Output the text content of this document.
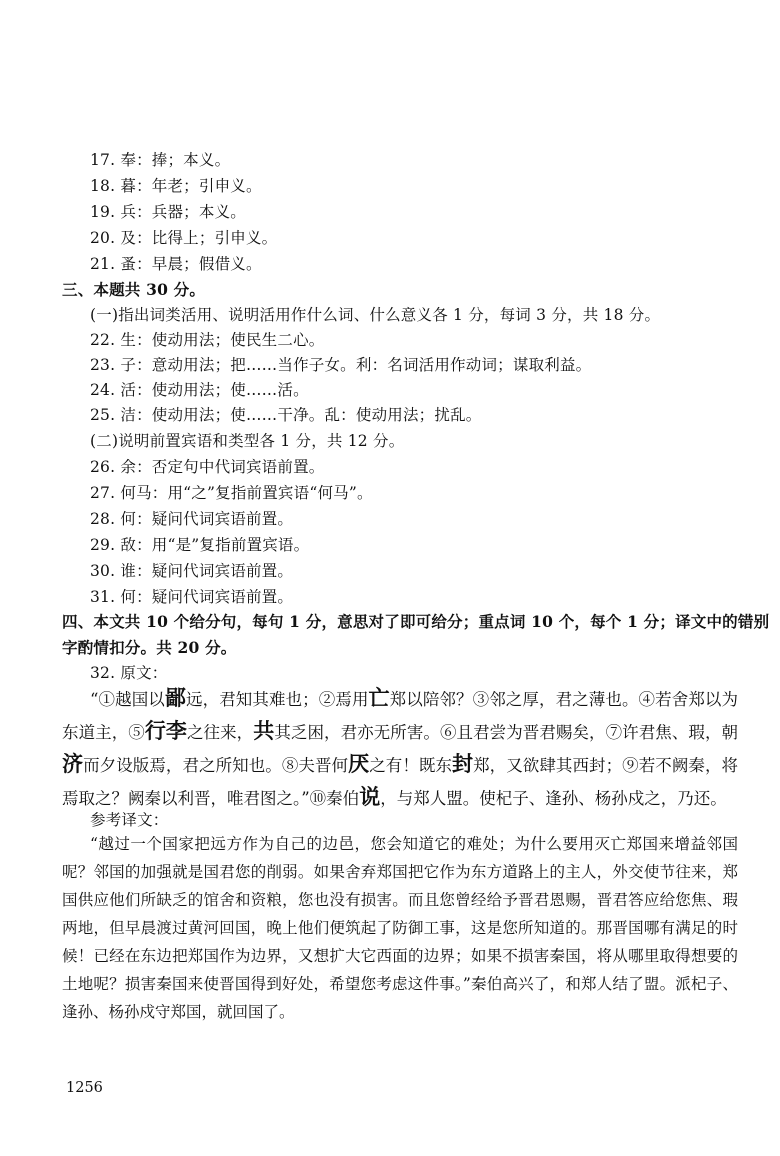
17. 奉：捧；本义。
18. 暮：年老；引申义。
19. 兵：兵器；本义。
20. 及：比得上；引申义。
21. 蚤：早晨；假借义。
三、本题共 30 分。
(一)指出词类活用、说明活用作什么词、什么意义各 1 分，每词 3 分，共 18 分。
22. 生：使动用法；使民生二心。
23. 子：意动用法；把……当作子女。利：名词活用作动词；谋取利益。
24. 活：使动用法；使……活。
25. 洁：使动用法；使……干净。乱：使动用法；扰乱。
(二)说明前置宾语和类型各 1 分，共 12 分。
26. 余：否定句中代词宾语前置。
27. 何马：用“之”复指前置宾语“何马”。
28. 何：疑问代词宾语前置。
29. 敌：用“是”复指前置宾语。
30. 谁：疑问代词宾语前置。
31. 何：疑问代词宾语前置。
四、本文共 10 个给分句，每句 1 分，意思对了即可给分；重点词 10 个，每个 1 分；译文中的错别
字酌情扣分。共 20 分。
32. 原文：
“①越国以鄙远，君知其难也；②焉用亡郑以陪邻？③邻之厚，君之薄也。④若舍郑以为东道主，⑤行李之往来，共其乏困，君亦无所害。⑥且君尝为晋君赐矣，⑦许君焦、瑕，朝济而夕设版焉，君之所知也。⑧夫晋何厌之有！既东封郑，又欲肆其西封；⑨若不阙秦，将焉取之？阙秦以利晋，唯君图之。”⑩秦伯说，与郑人盟。使杞子、逢孙、杨孙戍之，乃还。
参考译文：
“越过一个国家把远方作为自己的边邑，您会知道它的难处；为什么要用灭亡郑国来增益邻国呢？邻国的加强就是国君您的削弱。如果舍弃郑国把它作为东方道路上的主人，外交使节往来，郑国供应他们所缺乏的馆舍和资粮，您也没有损害。而且您曾经给予晋君恩赐，晋君答应给您焦、瑕两地，但早晨渡过黄河回国，晚上他们便筑起了防御工事，这是您所知道的。那晋国哪有满足的时候！已经在东边把郑国作为边界，又想扩大它西面的边界；如果不损害秦国，将从哪里取得想要的土地呢？损害秦国来使晋国得到好处，希望您考虑这件事。”秦伯高兴了，和郑人结了盟。派杞子、逢孙、杨孙戍守郑国，就回国了。
1256
